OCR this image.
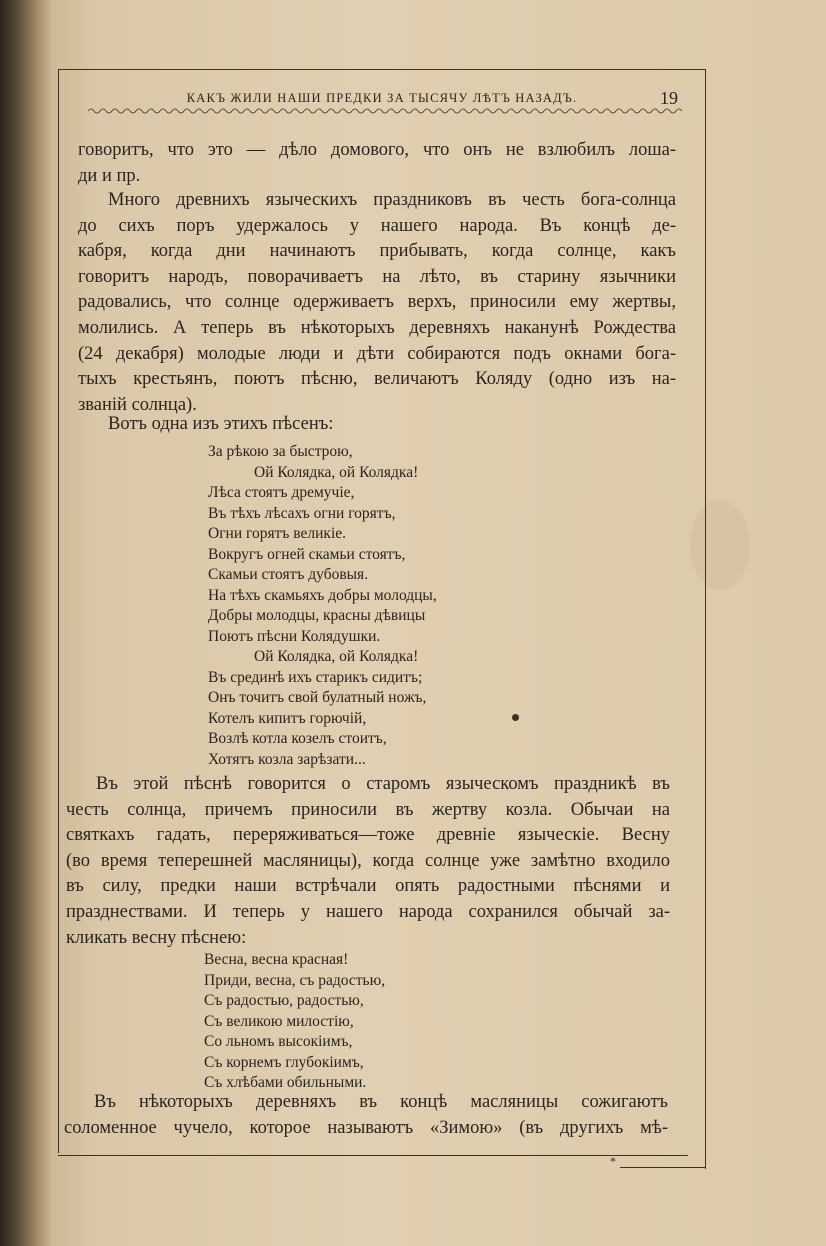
*
КАКЪ ЖИЛИ НАШИ ПРЕДКИ ЗА ТЫСЯЧУ ЛѢТЪ НАЗАДЪ.	19
говоритъ, что это — дѣло домового, что онъ не взлюбилъ лоша-
ди и пр.
Много древнихъ языческихъ праздниковъ въ честь бога-солнца
до сихъ поръ удержалось у нашего народа. Въ концѣ де-
кабря, когда дни начинаютъ прибывать, когда солнце, какъ
говоритъ народъ, поворачиваетъ на лѣто, въ старину язычники
радовались, что солнце одерживаетъ верхъ, приносили ему жертвы,
молились. А теперь въ нѣкоторыхъ деревняхъ наканунѣ Рождества
(24 декабря) молодые люди и дѣти собираются подъ окнами бога-
тыхъ крестьянъ, поютъ пѣсню, величаютъ Коляду (одно изъ на-
званій солнца).
Вотъ одна изъ этихъ пѣсенъ:
За рѣкою за быстрою,
Ой Колядка, ой Колядка!
Лѣса стоятъ дремучіе,
Въ тѣхъ лѣсахъ огни горятъ,
Огни горятъ великіе.
Вокругъ огней скамьи стоятъ,
Скамьи стоятъ дубовыя.
На тѣхъ скамьяхъ добры молодцы,
Добры молодцы, красны дѣвицы
Поютъ пѣсни Колядушки.
Ой Колядка, ой Колядка!
Въ срединѣ ихъ старикъ сидитъ;
Онъ точитъ свой булатный ножъ,
Котелъ кипитъ горючій,
Возлѣ котла козелъ стоитъ,
Хотятъ козла зарѣзати...
Въ этой пѣснѣ говорится о старомъ языческомъ праздникѣ въ
честь солнца, причемъ приносили въ жертву козла. Обычаи на
святкахъ гадать, переряживаться—тоже древніе языческіе. Весну
(во время теперешней масляницы), когда солнце уже замѣтно входило
въ силу, предки наши встрѣчали опять радостными пѣснями и
празднествами. И теперь у нашего народа сохранился обычай за-
кликать весну пѣснею:
Весна, весна красная!
Приди, весна, съ радостью,
Съ радостью, радостью,
Съ великою милостію,
Со льномъ высокіимъ,
Съ корнемъ глубокіимъ,
Съ хлѣбами обильными.
Въ нѣкоторыхъ деревняхъ въ концѣ масляницы сожигаютъ
соломенное чучело, которое называютъ «Зимою» (въ другихъ мѣ-
